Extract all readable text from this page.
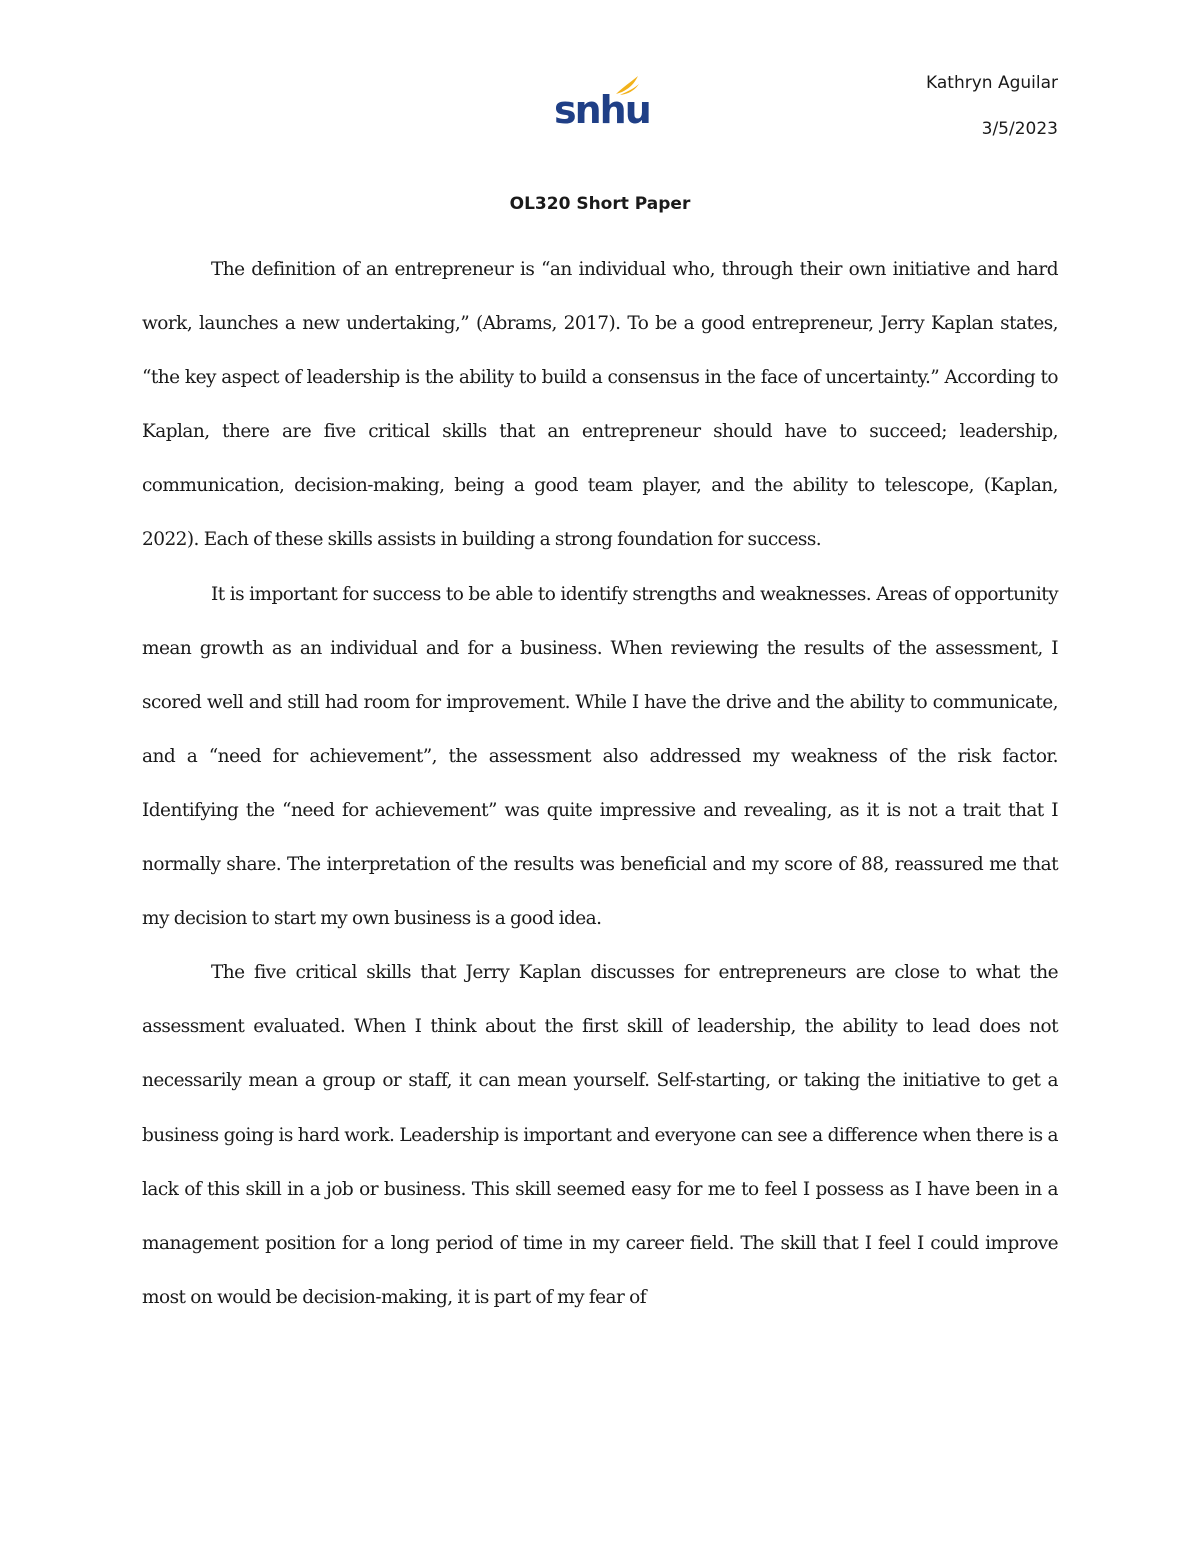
snhu
Kathryn Aguilar
3/5/2023
OL320 Short Paper

The definition of an entrepreneur is “an individual who, through their own initiative and hard work, launches a new undertaking,” (Abrams, 2017). To be a good entrepreneur, Jerry Kaplan states, “the key aspect of leadership is the ability to build a consensus in the face of uncertainty.” According to Kaplan, there are five critical skills that an entrepreneur should have to succeed; leadership, communication, decision-making, being a good team player, and the ability to telescope, (Kaplan, 2022). Each of these skills assists in building a strong foundation for success.

It is important for success to be able to identify strengths and weaknesses. Areas of opportunity mean growth as an individual and for a business. When reviewing the results of the assessment, I scored well and still had room for improvement. While I have the drive and the ability to communicate, and a “need for achievement”, the assessment also addressed my weakness of the risk factor. Identifying the “need for achievement” was quite impressive and revealing, as it is not a trait that I normally share. The interpretation of the results was beneficial and my score of 88, reassured me that my decision to start my own business is a good idea.

The five critical skills that Jerry Kaplan discusses for entrepreneurs are close to what the assessment evaluated. When I think about the first skill of leadership, the ability to lead does not necessarily mean a group or staff, it can mean yourself. Self-starting, or taking the initiative to get a business going is hard work. Leadership is important and everyone can see a difference when there is a lack of this skill in a job or business. This skill seemed easy for me to feel I possess as I have been in a management position for a long period of time in my career field. The skill that I feel I could improve most on would be decision-making, it is part of my fear of
